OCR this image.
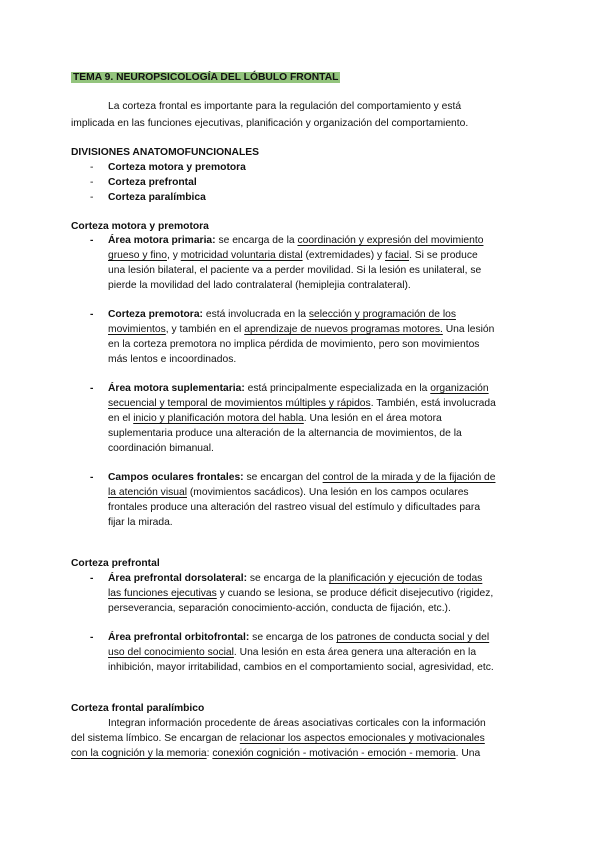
TEMA 9. NEUROPSICOLOGÍA DEL LÓBULO FRONTAL
La corteza frontal es importante para la regulación del comportamiento y está
implicada en las funciones ejecutivas, planificación y organización del comportamiento.
DIVISIONES ANATOMOFUNCIONALES
- Corteza motora y premotora
- Corteza prefrontal
- Corteza paralímbica
Corteza motora y premotora
- Área motora primaria: se encarga de la coordinación y expresión del movimiento
grueso y fino, y motricidad voluntaria distal (extremidades) y facial. Si se produce
una lesión bilateral, el paciente va a perder movilidad. Si la lesión es unilateral, se
pierde la movilidad del lado contralateral (hemiplejia contralateral).
- Corteza premotora: está involucrada en la selección y programación de los
movimientos, y también en el aprendizaje de nuevos programas motores. Una lesión
en la corteza premotora no implica pérdida de movimiento, pero son movimientos
más lentos e incoordinados.
- Área motora suplementaria: está principalmente especializada en la organización
secuencial y temporal de movimientos múltiples y rápidos. También, está involucrada
en el inicio y planificación motora del habla. Una lesión en el área motora
suplementaria produce una alteración de la alternancia de movimientos, de la
coordinación bimanual.
- Campos oculares frontales: se encargan del control de la mirada y de la fijación de
la atención visual (movimientos sacádicos). Una lesión en los campos oculares
frontales produce una alteración del rastreo visual del estímulo y dificultades para
fijar la mirada.
Corteza prefrontal
- Área prefrontal dorsolateral: se encarga de la planificación y ejecución de todas
las funciones ejecutivas y cuando se lesiona, se produce déficit disejecutivo (rigidez,
perseverancia, separación conocimiento-acción, conducta de fijación, etc.).
- Área prefrontal orbitofrontal: se encarga de los patrones de conducta social y del
uso del conocimiento social. Una lesión en esta área genera una alteración en la
inhibición, mayor irritabilidad, cambios en el comportamiento social, agresividad, etc.
Corteza frontal paralímbico
Integran información procedente de áreas asociativas corticales con la información
del sistema límbico. Se encargan de relacionar los aspectos emocionales y motivacionales
con la cognición y la memoria: conexión cognición - motivación - emoción - memoria. Una
